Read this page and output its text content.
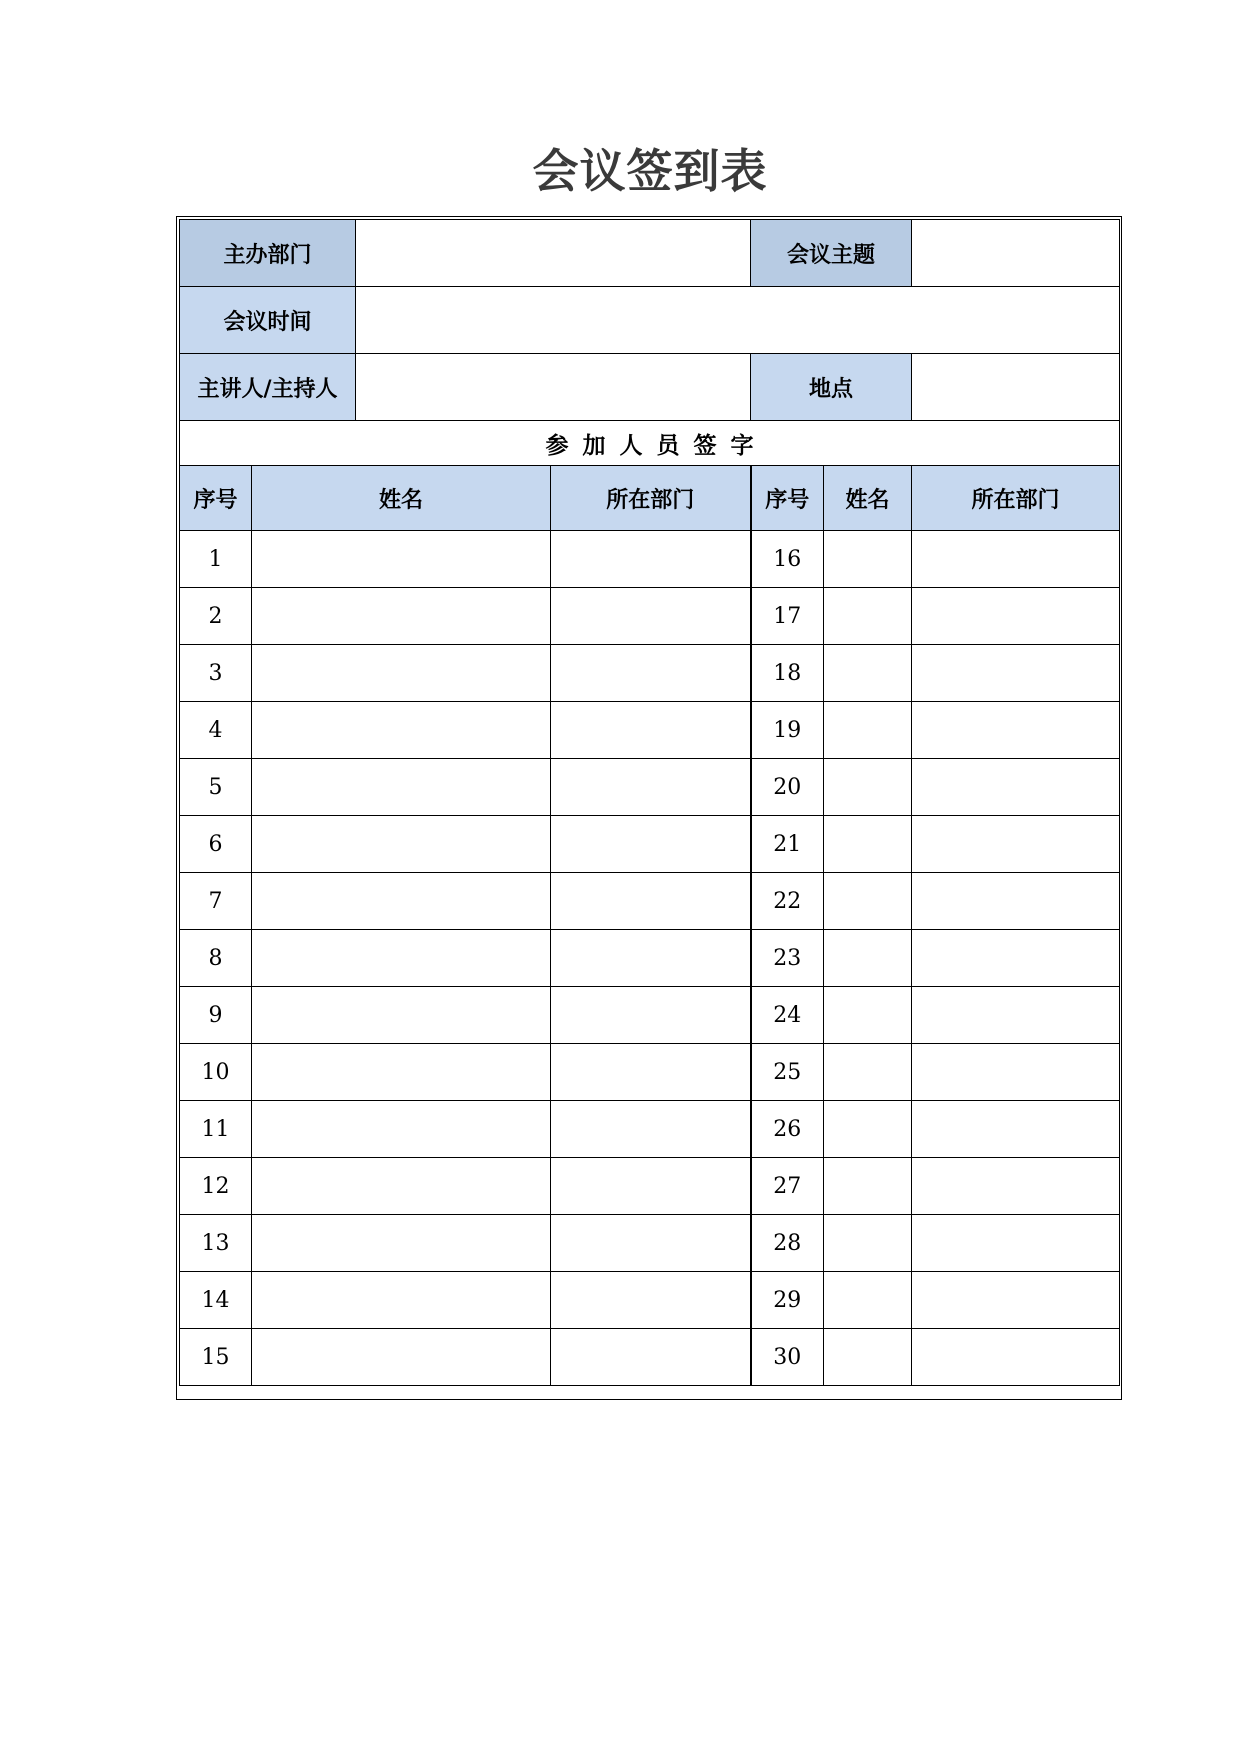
会议签到表
主办部门				会议主题		
会议时间						
主讲人/主持人				地点		
参加人员签字						
序号	姓名		所在部门	序号	姓名	所在部门
1				16		
2				17		
3				18		
4				19		
5				20		
6				21		
7				22		
8				23		
9				24		
10				25		
11				26		
12				27		
13				28		
14				29		
15				30		
